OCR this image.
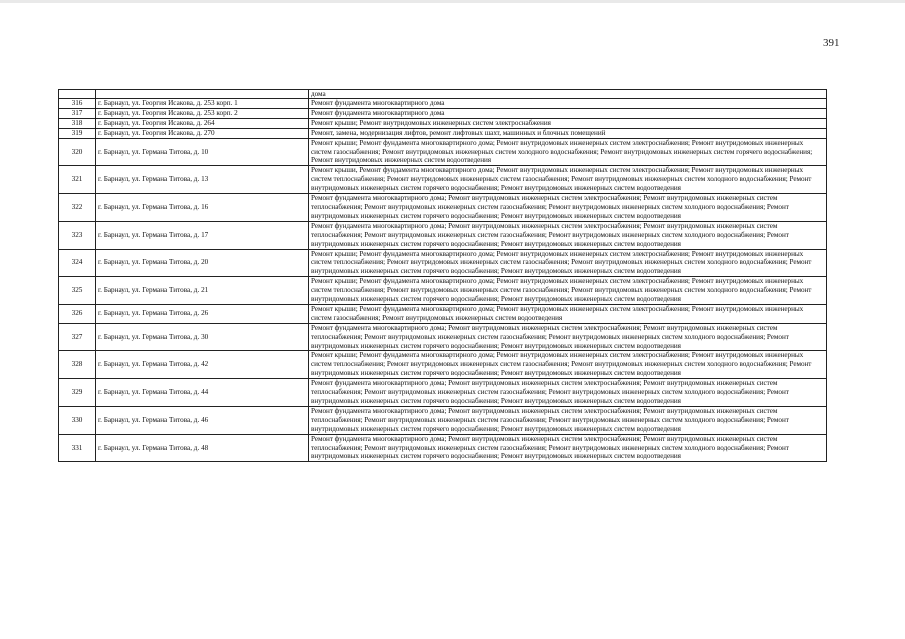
391
		дома
316	г. Барнаул, ул. Георгия Исакова, д. 253 корп. 1	Ремонт фундамента многоквартирного дома
317	г. Барнаул, ул. Георгия Исакова, д. 253 корп. 2	Ремонт фундамента многоквартирного дома
318	г. Барнаул, ул. Георгия Исакова, д. 264	Ремонт крыши; Ремонт внутридомовых инженерных систем электроснабжения
319	г. Барнаул, ул. Георгия Исакова, д. 270	Ремонт, замена, модернизация лифтов, ремонт лифтовых шахт, машинных и блочных помещений
320	г. Барнаул, ул. Германа Титова, д. 10	Ремонт крыши; Ремонт фундамента многоквартирного дома; Ремонт внутридомовых инженерных систем электроснабжения; Ремонт внутридомовых инженерных систем газоснабжения; Ремонт внутридомовых инженерных систем холодного водоснабжения; Ремонт внутридомовых инженерных систем горячего водоснабжения; Ремонт внутридомовых инженерных систем водоотведения
321	г. Барнаул, ул. Германа Титова, д. 13	Ремонт крыши, Ремонт фундамента многоквартирного дома; Ремонт внутридомовых инженерных систем электроснабжения; Ремонт внутридомовых инженерных систем теплоснабжения; Ремонт внутридомовых инженерных систем газоснабжения; Ремонт внутридомовых инженерных систем холодного водоснабжения; Ремонт внутридомовых инженерных систем горячего водоснабжения; Ремонт внутридомовых инженерных систем водоотведения
322	г. Барнаул, ул. Германа Титова, д. 16	Ремонт фундамента многоквартирного дома; Ремонт внутридомовых инженерных систем электроснабжения; Ремонт внутридомовых инженерных систем теплоснабжения; Ремонт внутридомовых инженерных систем газоснабжения; Ремонт внутридомовых инженерных систем холодного водоснабжения; Ремонт внутридомовых инженерных систем горячего водоснабжения; Ремонт внутридомовых инженерных систем водоотведения
323	г. Барнаул, ул. Германа Титова, д. 17	Ремонт фундамента многоквартирного дома; Ремонт внутридомовых инженерных систем электроснабжения; Ремонт внутридомовых инженерных систем теплоснабжения; Ремонт внутридомовых инженерных систем газоснабжения; Ремонт внутридомовых инженерных систем холодного водоснабжения; Ремонт внутридомовых инженерных систем горячего водоснабжения; Ремонт внутридомовых инженерных систем водоотведения
324	г. Барнаул, ул. Германа Титова, д. 20	Ремонт крыши; Ремонт фундамента многоквартирного дома; Ремонт внутридомовых инженерных систем электроснабжения; Ремонт внутридомовых инженерных систем теплоснабжения; Ремонт внутридомовых инженерных систем газоснабжения; Ремонт внутридомовых инженерных систем холодного водоснабжения; Ремонт внутридомовых инженерных систем горячего водоснабжения; Ремонт внутридомовых инженерных систем водоотведения
325	г. Барнаул, ул. Германа Титова, д. 21	Ремонт крыши; Ремонт фундамента многоквартирного дома; Ремонт внутридомовых инженерных систем электроснабжения; Ремонт внутридомовых инженерных систем теплоснабжения; Ремонт внутридомовых инженерных систем газоснабжения; Ремонт внутридомовых инженерных систем холодного водоснабжения; Ремонт внутридомовых инженерных систем горячего водоснабжения; Ремонт внутридомовых инженерных систем водоотведения
326	г. Барнаул, ул. Германа Титова, д. 26	Ремонт крыши; Ремонт фундамента многоквартирного дома; Ремонт внутридомовых инженерных систем электроснабжения; Ремонт внутридомовых инженерных систем газоснабжения; Ремонт внутридомовых инженерных систем водоотведения
327	г. Барнаул, ул. Германа Титова, д. 30	Ремонт фундамента многоквартирного дома; Ремонт внутридомовых инженерных систем электроснабжения; Ремонт внутридомовых инженерных систем теплоснабжения; Ремонт внутридомовых инженерных систем газоснабжения; Ремонт внутридомовых инженерных систем холодного водоснабжения; Ремонт внутридомовых инженерных систем горячего водоснабжения; Ремонт внутридомовых инженерных систем водоотведения
328	г. Барнаул, ул. Германа Титова, д. 42	Ремонт крыши; Ремонт фундамента многоквартирного дома; Ремонт внутридомовых инженерных систем электроснабжения; Ремонт внутридомовых инженерных систем теплоснабжения; Ремонт внутридомовых инженерных систем газоснабжения; Ремонт внутридомовых инженерных систем холодного водоснабжения; Ремонт внутридомовых инженерных систем горячего водоснабжения; Ремонт внутридомовых инженерных систем водоотведения
329	г. Барнаул, ул. Германа Титова, д. 44	Ремонт фундамента многоквартирного дома; Ремонт внутридомовых инженерных систем электроснабжения; Ремонт внутридомовых инженерных систем теплоснабжения; Ремонт внутридомовых инженерных систем газоснабжения; Ремонт внутридомовых инженерных систем холодного водоснабжения; Ремонт внутридомовых инженерных систем горячего водоснабжения; Ремонт внутридомовых инженерных систем водоотведения
330	г. Барнаул, ул. Германа Титова, д. 46	Ремонт фундамента многоквартирного дома; Ремонт внутридомовых инженерных систем электроснабжения; Ремонт внутридомовых инженерных систем теплоснабжения; Ремонт внутридомовых инженерных систем газоснабжения; Ремонт внутридомовых инженерных систем холодного водоснабжения; Ремонт внутридомовых инженерных систем горячего водоснабжения; Ремонт внутридомовых инженерных систем водоотведения
331	г. Барнаул, ул. Германа Титова, д. 48	Ремонт фундамента многоквартирного дома; Ремонт внутридомовых инженерных систем электроснабжения; Ремонт внутридомовых инженерных систем теплоснабжения; Ремонт внутридомовых инженерных систем газоснабжения; Ремонт внутридомовых инженерных систем холодного водоснабжения; Ремонт внутридомовых инженерных систем горячего водоснабжения; Ремонт внутридомовых инженерных систем водоотведения
